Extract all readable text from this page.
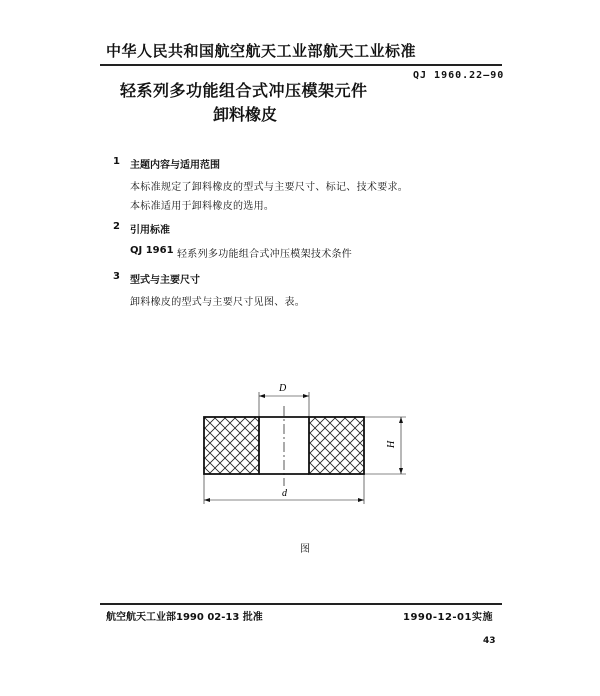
中华人民共和国航空航天工业部航天工业标准
QJ 1960.22—90
轻系列多功能组合式冲压模架元件
卸料橡皮
1 主题内容与适用范围
本标准规定了卸料橡皮的型式与主要尺寸、标记、技术要求。
本标准适用于卸料橡皮的选用。
2 引用标准
QJ 1961 轻系列多功能组合式冲压模架技术条件
3 型式与主要尺寸
卸料橡皮的型式与主要尺寸见图、表。
D
H
d
图
航空航天工业部1990 02-13 批准	1990-12-01实施
43
